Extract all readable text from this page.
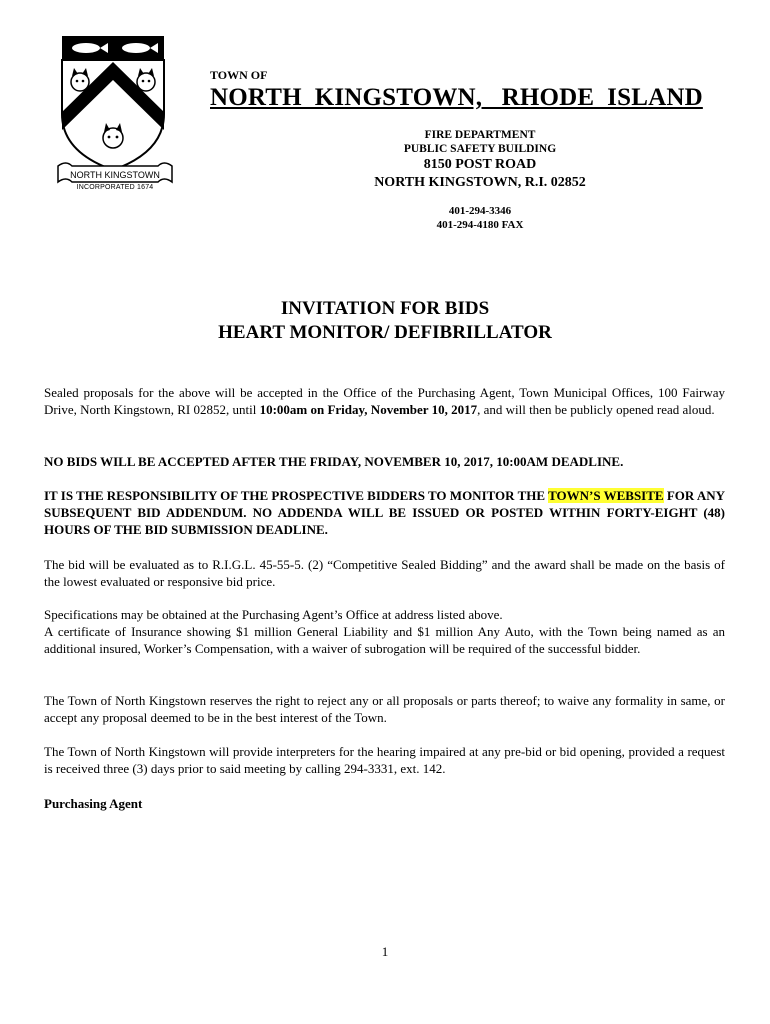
NORTH KINGSTOWN
INCORPORATED 1674
TOWN OF
NORTH  KINGSTOWN,   RHODE  ISLAND
FIRE DEPARTMENT
PUBLIC SAFETY BUILDING
8150 POST ROAD
NORTH KINGSTOWN, R.I. 02852
401-294-3346
401-294-4180 FAX
INVITATION FOR BIDS
HEART MONITOR/ DEFIBRILLATOR
Sealed proposals for the above will be accepted in the Office of the Purchasing Agent, Town Municipal Offices, 100 Fairway Drive, North Kingstown, RI 02852, until 10:00am on Friday, November 10, 2017, and will then be publicly opened read aloud.
NO BIDS WILL BE ACCEPTED AFTER THE FRIDAY, NOVEMBER 10, 2017, 10:00AM DEADLINE.
IT IS THE RESPONSIBILITY OF THE PROSPECTIVE BIDDERS TO MONITOR THE TOWN’S WEBSITE FOR ANY SUBSEQUENT BID ADDENDUM. NO ADDENDA WILL BE ISSUED OR POSTED WITHIN FORTY-EIGHT (48) HOURS OF THE BID SUBMISSION DEADLINE.
The bid will be evaluated as to R.I.G.L. 45-55-5. (2) “Competitive Sealed Bidding” and the award shall be made on the basis of the lowest evaluated or responsive bid price.
Specifications may be obtained at the Purchasing Agent’s Office at address listed above.
A certificate of Insurance showing $1 million General Liability and $1 million Any Auto, with the Town being named as an additional insured, Worker’s Compensation, with a waiver of subrogation will be required of the successful bidder.
The Town of North Kingstown reserves the right to reject any or all proposals or parts thereof; to waive any formality in same, or accept any proposal deemed to be in the best interest of the Town.
The Town of North Kingstown will provide interpreters for the hearing impaired at any pre-bid or bid opening, provided a request is received three (3) days prior to said meeting by calling 294-3331, ext. 142.
Purchasing Agent
1
